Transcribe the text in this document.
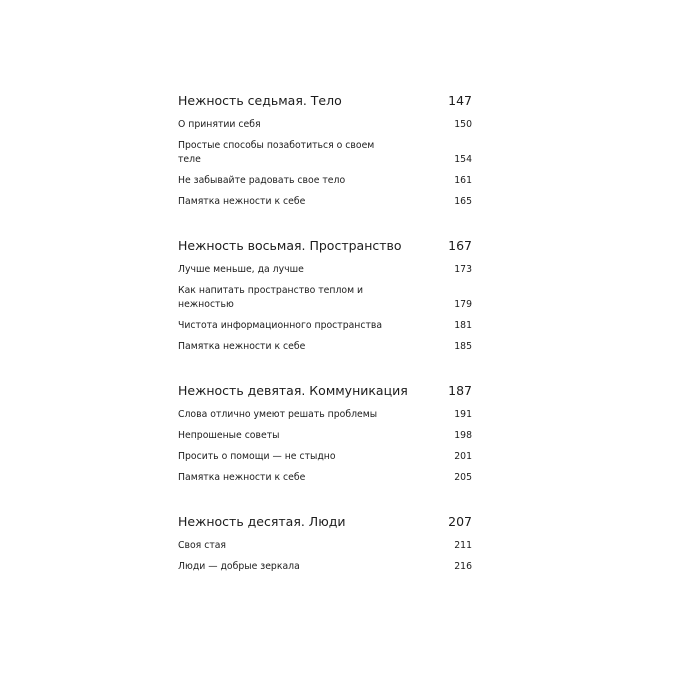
Нежность седьмая. Тело	147
О принятии себя	150
Простые способы позаботиться о своем теле	154
Не забывайте радовать свое тело	161
Памятка нежности к себе	165
Нежность восьмая. Пространство	167
Лучше меньше, да лучше	173
Как напитать пространство теплом и нежностью	179
Чистота информационного пространства	181
Памятка нежности к себе	185
Нежность девятая. Коммуникация	187
Слова отлично умеют решать проблемы	191
Непрошеные советы	198
Просить о помощи — не стыдно	201
Памятка нежности к себе	205
Нежность десятая. Люди	207
Своя стая	211
Люди — добрые зеркала	216
